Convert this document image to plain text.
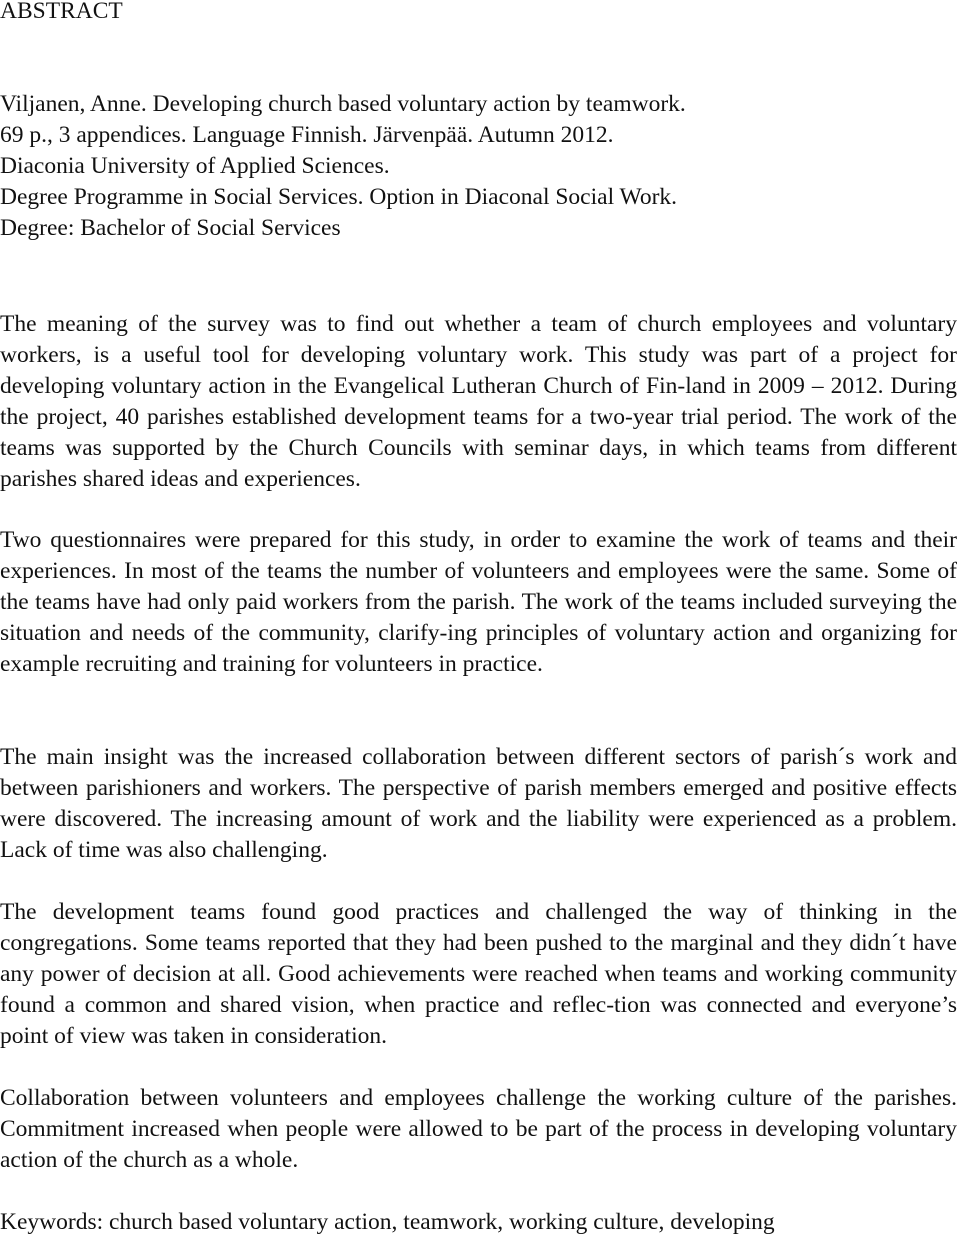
ABSTRACT
Viljanen, Anne. Developing church based voluntary action by teamwork.
69 p., 3 appendices. Language Finnish. Järvenpää. Autumn 2012.
Diaconia University of Applied Sciences.
Degree Programme in Social Services. Option in Diaconal Social Work.
Degree: Bachelor of Social Services

The meaning of the survey was to find out whether a team of church employees and voluntary workers, is a useful tool for developing voluntary work. This study was part of a project for developing voluntary action in the Evangelical Lutheran Church of Fin-land in 2009 – 2012. During the project, 40 parishes established development teams for a two-year trial period. The work of the teams was supported by the Church Councils with seminar days, in which teams from different parishes shared ideas and experiences.

Two questionnaires were prepared for this study, in order to examine the work of teams and their experiences. In most of the teams the number of volunteers and employees were the same. Some of the teams have had only paid workers from the parish. The work of the teams included surveying the situation and needs of the community, clarify-ing principles of voluntary action and organizing for example recruiting and training for volunteers in practice.

The main insight was the increased collaboration between different sectors of parish´s work and between parishioners and workers. The perspective of parish members emerged and positive effects were discovered. The increasing amount of work and the liability were experienced as a problem. Lack of time was also challenging.

The development teams found good practices and challenged the way of thinking in the congregations. Some teams reported that they had been pushed to the marginal and they didn´t have any power of decision at all. Good achievements were reached when teams and working community found a common and shared vision, when practice and reflec-tion was connected and everyone’s point of view was taken in consideration.

Collaboration between volunteers and employees challenge the working culture of the parishes. Commitment increased when people were allowed to be part of the process in developing voluntary action of the church as a whole.

Keywords: church based voluntary action, teamwork, working culture, developing
